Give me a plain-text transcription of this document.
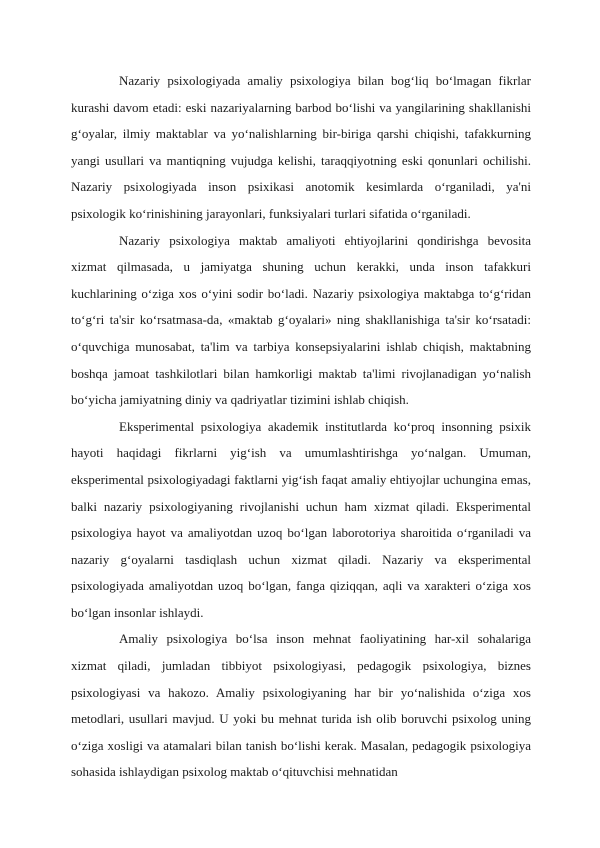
Nazariy psixologiyada amaliy psixologiya bilan bog‘liq bo‘lmagan fikrlar kurashi davom etadi: eski nazariyalarning barbod bo‘lishi va yangilarining shakllanishi g‘oyalar, ilmiy maktablar va yo‘nalishlarning bir-biriga qarshi chiqishi, tafakkurning yangi usullari va mantiqning vujudga kelishi, taraqqiyotning eski qonunlari ochilishi. Nazariy psixologiyada inson psixikasi anotomik kesimlarda o‘rganiladi, ya'ni psixologik ko‘rinishining jarayonlari, funksiyalari turlari sifatida o‘rganiladi.

Nazariy psixologiya maktab amaliyoti ehtiyojlarini qondirishga bevosita xizmat qilmasada, u jamiyatga shuning uchun kerakki, unda inson tafakkuri kuchlarining o‘ziga xos o‘yini sodir bo‘ladi. Nazariy psixologiya maktabga to‘g‘ridan to‘g‘ri ta'sir ko‘rsatmasa-da, «maktab g‘oyalari» ning shakllanishiga ta'sir ko‘rsatadi: o‘quvchiga munosabat, ta'lim va tarbiya konsepsiyalarini ishlab chiqish, maktabning boshqa jamoat tashkilotlari bilan hamkorligi maktab ta'limi rivojlanadigan yo‘nalish bo‘yicha jamiyatning diniy va qadriyatlar tizimini ishlab chiqish.

Eksperimental psixologiya akademik institutlarda ko‘proq insonning psixik hayoti haqidagi fikrlarni yig‘ish va umumlashtirishga yo‘nalgan. Umuman, eksperimental psixologiyadagi faktlarni yig‘ish faqat amaliy ehtiyojlar uchungina emas, balki nazariy psixologiyaning rivojlanishi uchun ham xizmat qiladi. Eksperimental psixologiya hayot va amaliyotdan uzoq bo‘lgan laborotoriya sharoitida o‘rganiladi va nazariy g‘oyalarni tasdiqlash uchun xizmat qiladi. Nazariy va eksperimental psixologiyada amaliyotdan uzoq bo‘lgan, fanga qiziqqan, aqli va xarakteri o‘ziga xos bo‘lgan insonlar ishlaydi.

Amaliy psixologiya bo‘lsa inson mehnat faoliyatining har-xil sohalariga xizmat qiladi, jumladan tibbiyot psixologiyasi, pedagogik psixologiya, biznes psixologiyasi va hakozo. Amaliy psixologiyaning har bir yo‘nalishida o‘ziga xos metodlari, usullari mavjud. U yoki bu mehnat turida ish olib boruvchi psixolog uning o‘ziga xosligi va atamalari bilan tanish bo‘lishi kerak. Masalan, pedagogik psixologiya sohasida ishlaydigan psixolog maktab o‘qituvchisi mehnatidan
